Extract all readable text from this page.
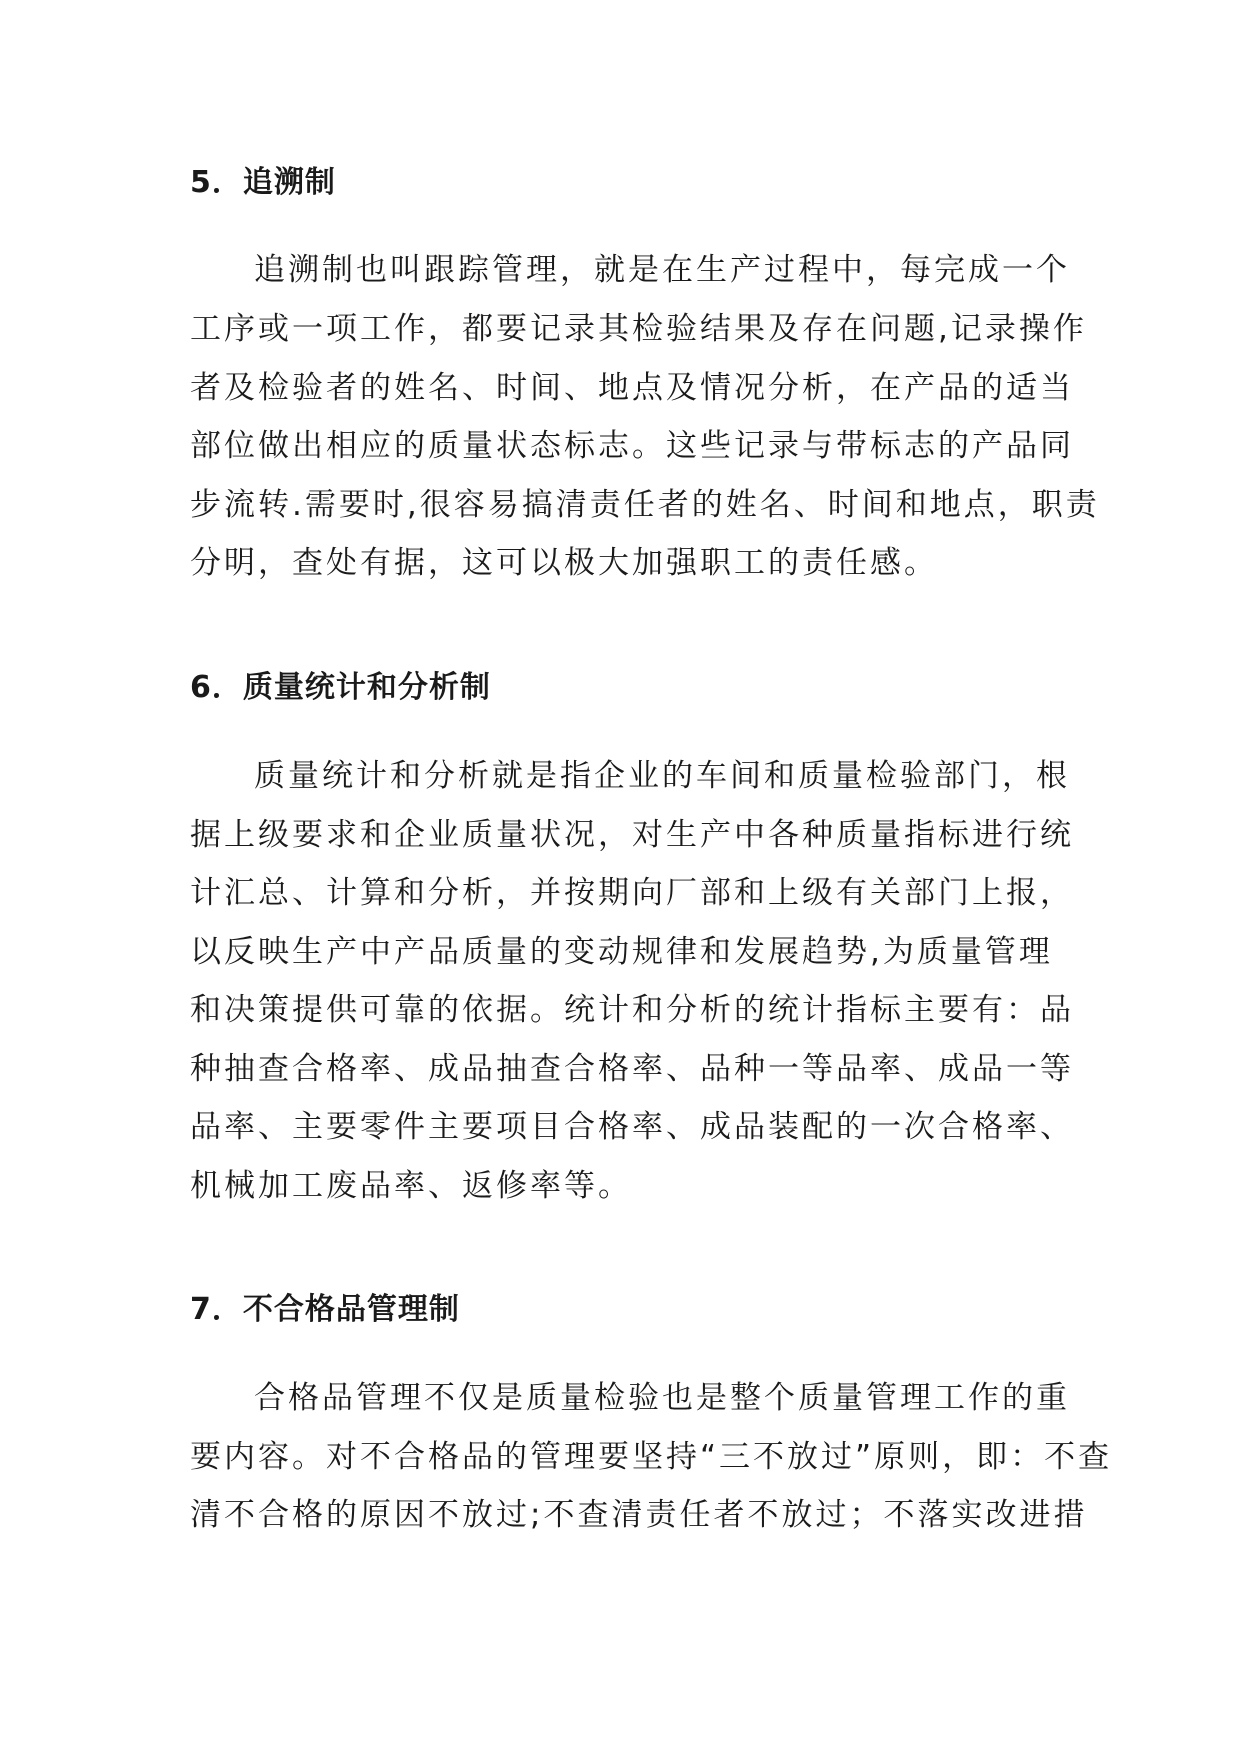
5．追溯制

追溯制也叫跟踪管理，就是在生产过程中，每完成一个

工序或一项工作，都要记录其检验结果及存在问题,记录操作

者及检验者的姓名、时间、地点及情况分析，在产品的适当

部位做出相应的质量状态标志。这些记录与带标志的产品同

步流转.需要时,很容易搞清责任者的姓名、时间和地点，职责

分明，查处有据，这可以极大加强职工的责任感。

6．质量统计和分析制

质量统计和分析就是指企业的车间和质量检验部门，根

据上级要求和企业质量状况，对生产中各种质量指标进行统

计汇总、计算和分析，并按期向厂部和上级有关部门上报，

以反映生产中产品质量的变动规律和发展趋势,为质量管理

和决策提供可靠的依据。统计和分析的统计指标主要有：品

种抽查合格率、成品抽查合格率、品种一等品率、成品一等

品率、主要零件主要项目合格率、成品装配的一次合格率、

机械加工废品率、返修率等。

7．不合格品管理制

合格品管理不仅是质量检验也是整个质量管理工作的重

要内容。对不合格品的管理要坚持“三不放过”原则，即：不查

清不合格的原因不放过;不查清责任者不放过；不落实改进措
